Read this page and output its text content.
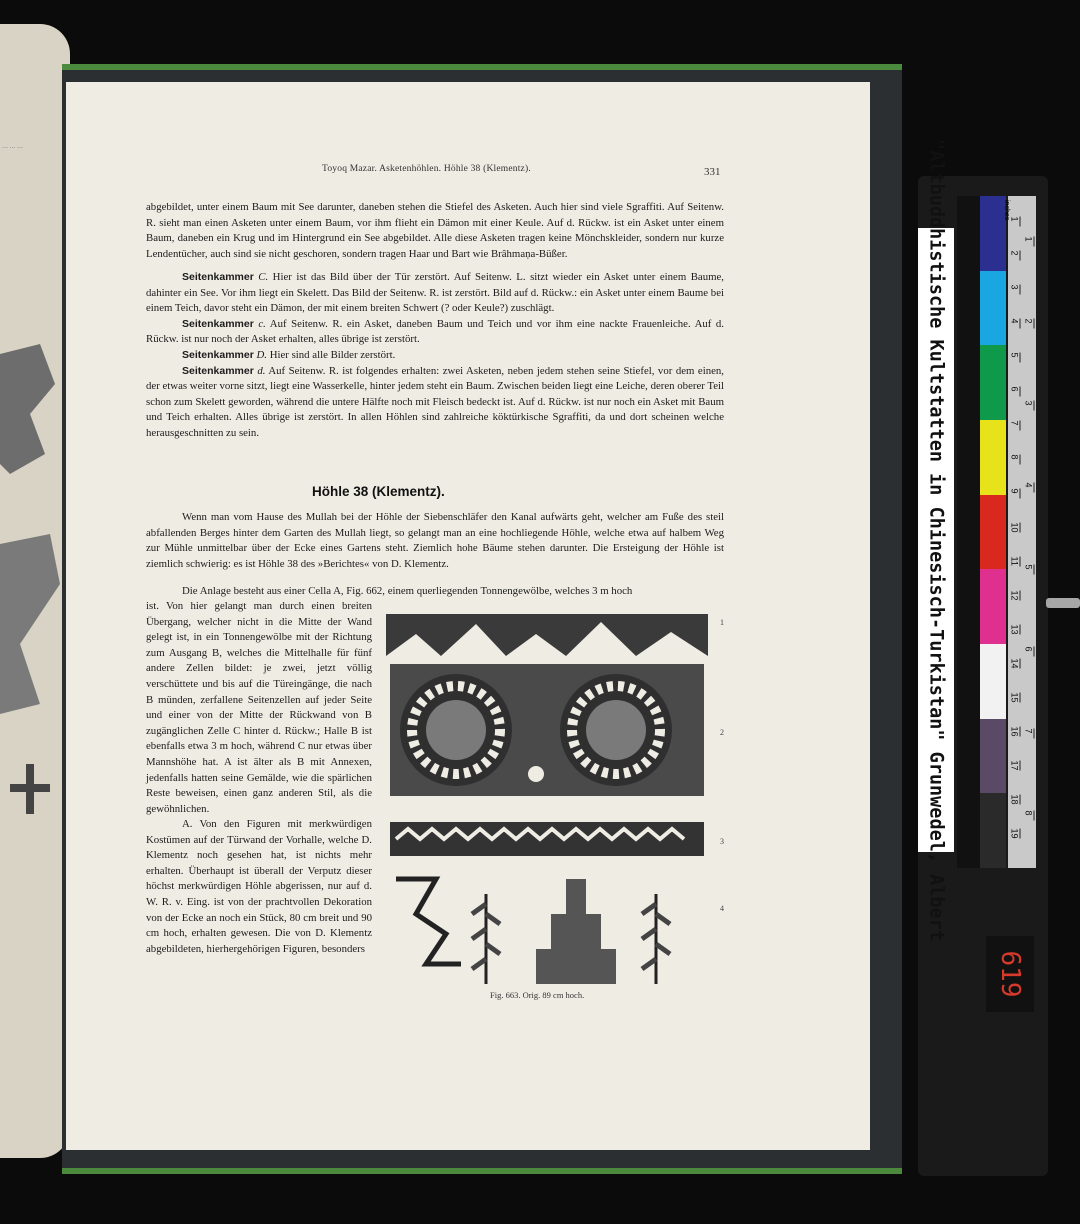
… … …
Toyoq Mazar. Asketenhöhlen. Höhle 38 (Klementz).	331

abgebildet, unter einem Baum mit See darunter, daneben stehen die Stiefel des Asketen. Auch hier sind viele Sgraffiti. Auf Seitenw. R. sieht man einen Asketen unter einem Baum, vor ihm flieht ein Dämon mit einer Keule. Auf d. Rückw. ist ein Asket unter einem Baum, daneben ein Krug und im Hintergrund ein See abgebildet. Alle diese Asketen tragen keine Mönchskleider, sondern nur kurze Lendentücher, auch sind sie nicht geschoren, sondern tragen Haar und Bart wie Brâhmaṇa-Büßer.

Seitenkammer C. Hier ist das Bild über der Tür zerstört. Auf Seitenw. L. sitzt wieder ein Asket unter einem Baume, dahinter ein See. Vor ihm liegt ein Skelett. Das Bild der Seitenw. R. ist zerstört. Bild auf d. Rückw.: ein Asket unter einem Baume bei einem Teich, davor steht ein Dämon, der mit einem breiten Schwert (? oder Keule?) zuschlägt.

Seitenkammer c. Auf Seitenw. R. ein Asket, daneben Baum und Teich und vor ihm eine nackte Frauenleiche. Auf d. Rückw. ist nur noch der Asket erhalten, alles übrige ist zerstört.

Seitenkammer D. Hier sind alle Bilder zerstört.

Seitenkammer d. Auf Seitenw. R. ist folgendes erhalten: zwei Asketen, neben jedem stehen seine Stiefel, vor dem einen, der etwas weiter vorne sitzt, liegt eine Wasserkelle, hinter jedem steht ein Baum. Zwischen beiden liegt eine Leiche, deren oberer Teil schon zum Skelett geworden, während die untere Hälfte noch mit Fleisch bedeckt ist. Auf d. Rückw. ist nur noch ein Asket mit Baum und Teich erhalten. Alles übrige ist zerstört. In allen Höhlen sind zahlreiche köktürkische Sgraffiti, da und dort scheinen welche herausgeschnitten zu sein.

Höhle 38 (Klementz).
Wenn man vom Hause des Mullah bei der Höhle der Siebenschläfer den Kanal aufwärts geht, welcher am Fuße des steil abfallenden Berges hinter dem Garten des Mullah liegt, so gelangt man an eine hochliegende Höhle, welche etwa auf halbem Weg zur Mühle unmittelbar über der Ecke eines Gartens steht. Ziemlich hohe Bäume stehen darunter. Die Ersteigung der Höhle ist ziemlich schwierig: es ist Höhle 38 des »Berichtes« von D. Klementz.
Die Anlage besteht aus einer Cella A, Fig. 662, einem querliegenden Tonnengewölbe, welches 3 m hoch
ist. Von hier gelangt man durch einen breiten Übergang, welcher nicht in die Mitte der Wand gelegt ist, in ein Tonnengewölbe mit der Richtung zum Ausgang B, welches die Mittelhalle für fünf andere Zellen bildet: je zwei, jetzt völlig verschüttete und bis auf die Türeingänge, die nach B münden, zerfallene Seitenzellen auf jeder Seite und einer von der Mitte der Rückwand von B zugänglichen Zelle C hinter d. Rückw.; Halle B ist ebenfalls etwa 3 m hoch, während C nur etwas über Mannshöhe hat. A ist älter als B mit Annexen, jedenfalls hatten seine Gemälde, wie die spärlichen Reste beweisen, einen ganz anderen Stil, als die gewöhnlichen.
A. Von den Figuren mit merkwürdigen Kostümen auf der Türwand der Vorhalle, welche D. Klementz noch gesehen hat, ist nichts mehr erhalten. Überhaupt ist überall der Verputz dieser höchst merkwürdigen Höhle abgerissen, nur auf d. W. R. v. Eing. ist von der prachtvollen Dekoration von der Ecke an noch ein Stück, 80 cm breit und 90 cm hoch, erhalten gewesen. Die von D. Klementz abgebildeten, hierhergehörigen Figuren, besonders
1
2
3
4
Fig. 663. Orig. 89 cm hoch.
"Altbuddhistische Kultstatten in Chinesisch-Turkistan" Grunwedel, Albert	inches 1
2
3
4
5
6
7
8
9
10
11
12
13
14
15
16
17
18
19
1
2
3
4
5
6
7
8
619
